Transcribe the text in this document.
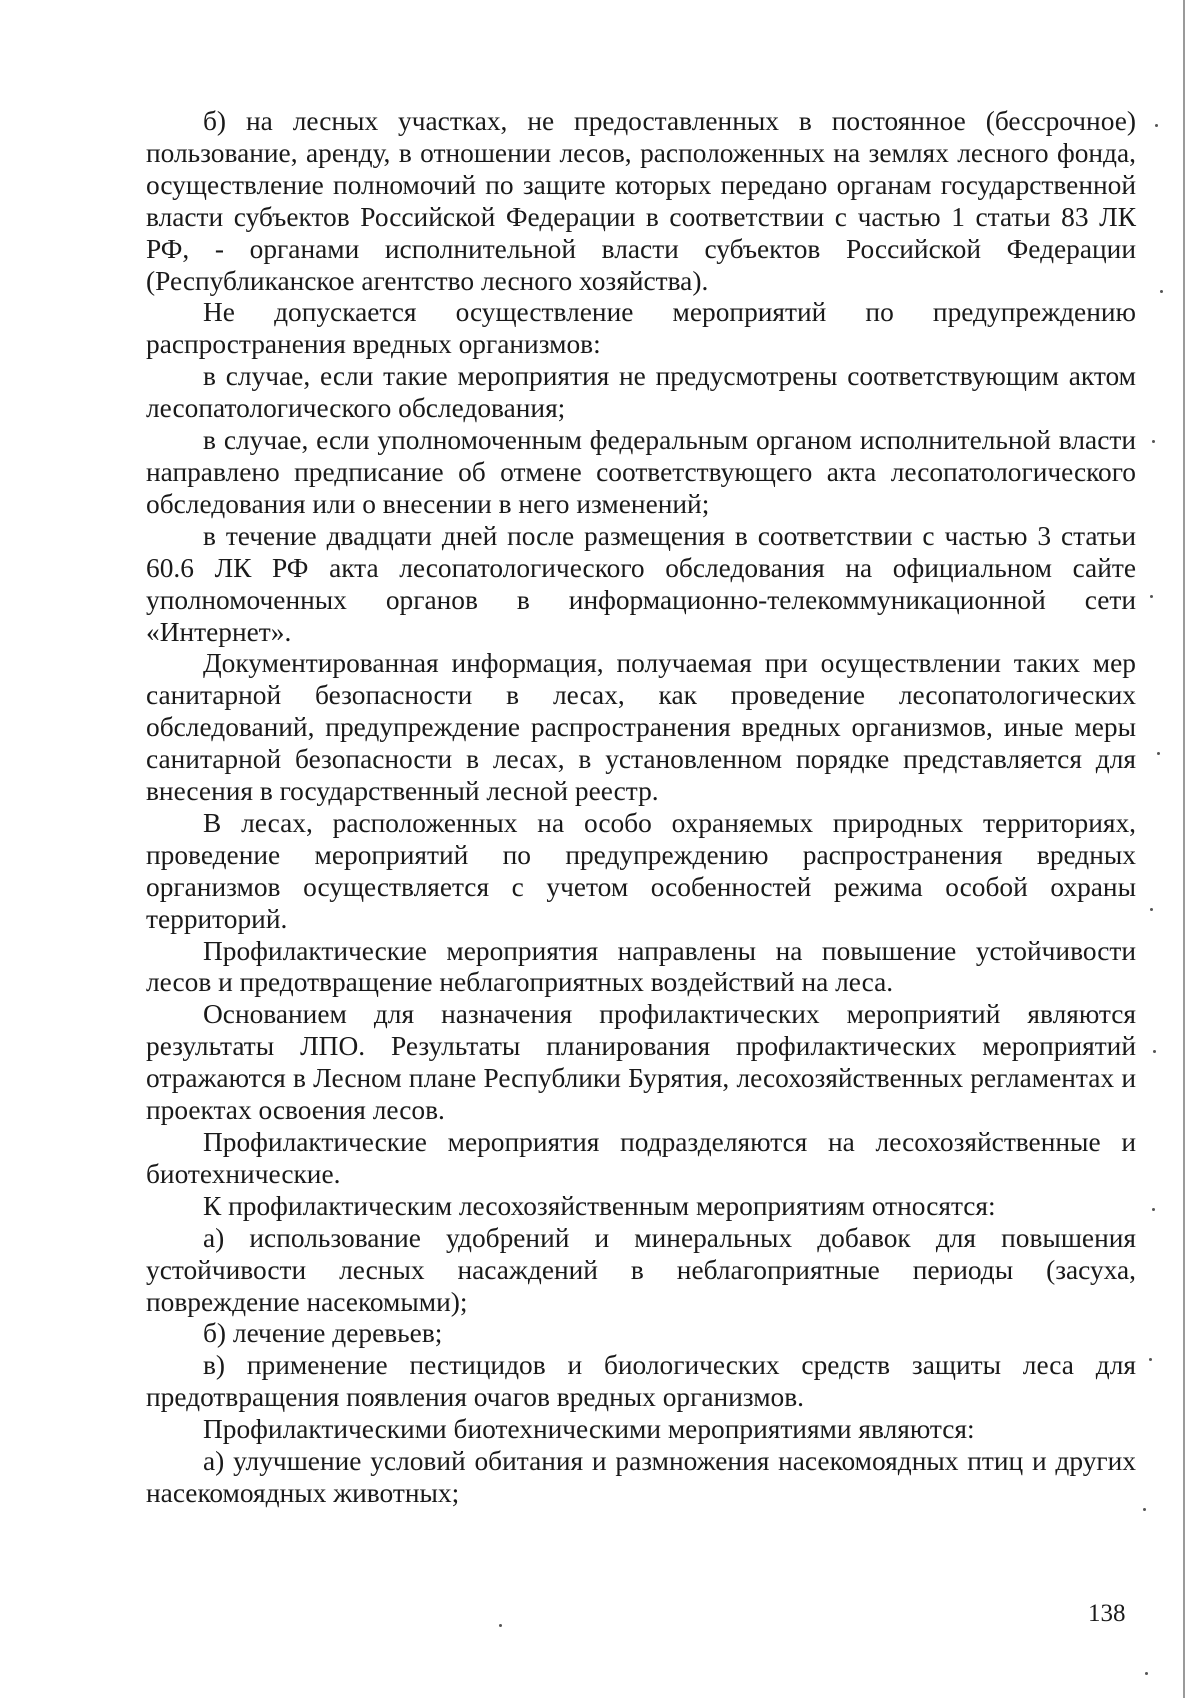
б) на лесных участках, не предоставленных в постоянное (бессрочное) пользование, аренду, в отношении лесов, расположенных на землях лесного фонда, осуществление полномочий по защите которых передано органам государственной власти субъектов Российской Федерации в соответствии с частью 1 статьи 83 ЛК РФ, - органами исполнительной власти субъектов Российской Федерации (Республиканское агентство лесного хозяйства).

Не допускается осуществление мероприятий по предупреждению распространения вредных организмов:

в случае, если такие мероприятия не предусмотрены соответствующим актом лесопатологического обследования;

в случае, если уполномоченным федеральным органом исполнительной власти направлено предписание об отмене соответствующего акта лесопатологического обследования или о внесении в него изменений;

в течение двадцати дней после размещения в соответствии с частью 3 статьи 60.6 ЛК РФ акта лесопатологического обследования на официальном сайте уполномоченных органов в информационно-телекоммуникационной сети «Интернет».

Документированная информация, получаемая при осуществлении таких мер санитарной безопасности в лесах, как проведение лесопатологических обследований, предупреждение распространения вредных организмов, иные меры санитарной безопасности в лесах, в установленном порядке представляется для внесения в государственный лесной реестр.

В лесах, расположенных на особо охраняемых природных территориях, проведение мероприятий по предупреждению распространения вредных организмов осуществляется с учетом особенностей режима особой охраны территорий.

Профилактические мероприятия направлены на повышение устойчивости лесов и предотвращение неблагоприятных воздействий на леса.

Основанием для назначения профилактических мероприятий являются результаты ЛПО. Результаты планирования профилактических мероприятий отражаются в Лесном плане Республики Бурятия, лесохозяйственных регламентах и проектах освоения лесов.

Профилактические мероприятия подразделяются на лесохозяйственные и биотехнические.

К профилактическим лесохозяйственным мероприятиям относятся:

а) использование удобрений и минеральных добавок для повышения устойчивости лесных насаждений в неблагоприятные периоды (засуха, повреждение насекомыми);

б) лечение деревьев;

в) применение пестицидов и биологических средств защиты леса для предотвращения появления очагов вредных организмов.

Профилактическими биотехническими мероприятиями являются:

а) улучшение условий обитания и размножения насекомоядных птиц и других насекомоядных животных;

138
